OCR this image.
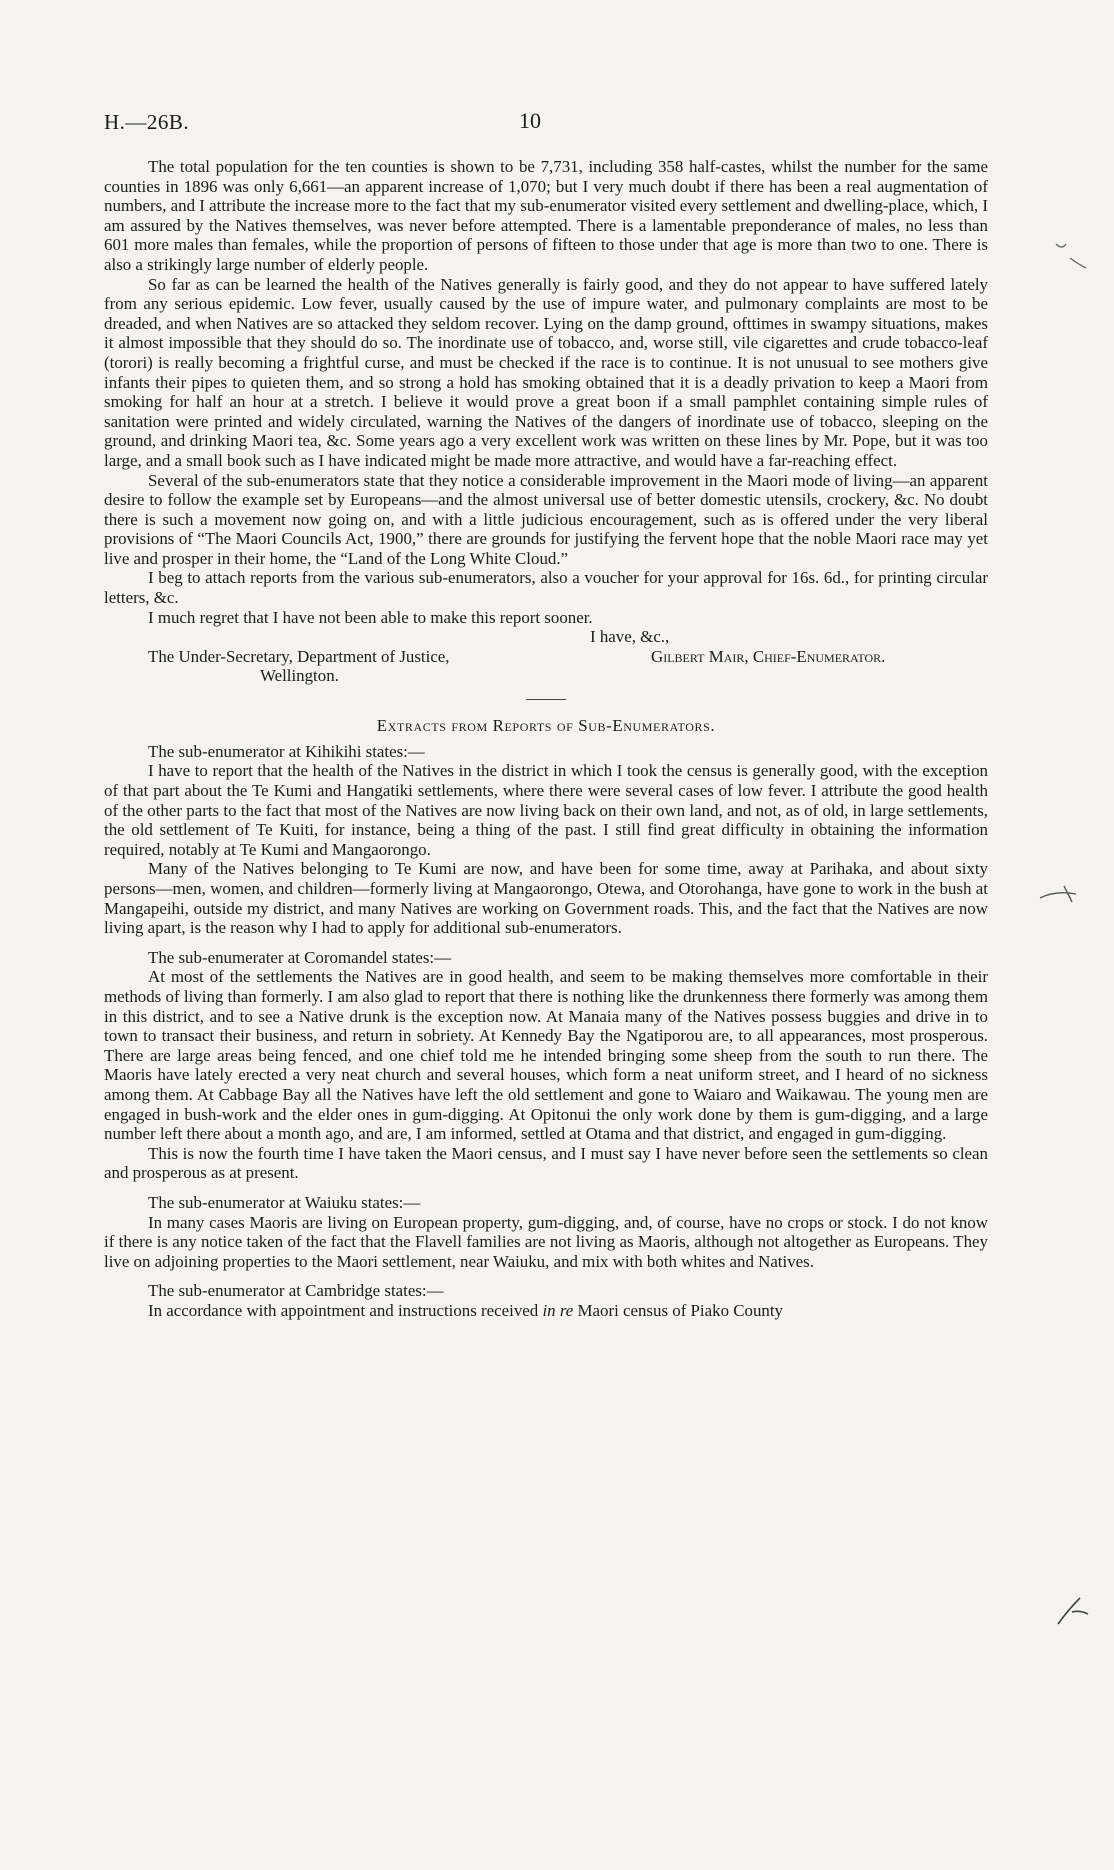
H.—26B.	10

The total population for the ten counties is shown to be 7,731, including 358 half-castes, whilst the number for the same counties in 1896 was only 6,661—an apparent increase of 1,070; but I very much doubt if there has been a real augmentation of numbers, and I attribute the increase more to the fact that my sub-enumerator visited every settlement and dwelling-place, which, I am assured by the Natives themselves, was never before attempted. There is a lamentable preponderance of males, no less than 601 more males than females, while the proportion of persons of fifteen to those under that age is more than two to one. There is also a strikingly large number of elderly people.

So far as can be learned the health of the Natives generally is fairly good, and they do not appear to have suffered lately from any serious epidemic. Low fever, usually caused by the use of impure water, and pulmonary complaints are most to be dreaded, and when Natives are so attacked they seldom recover. Lying on the damp ground, ofttimes in swampy situations, makes it almost impossible that they should do so. The inordinate use of tobacco, and, worse still, vile cigarettes and crude tobacco-leaf (torori) is really becoming a frightful curse, and must be checked if the race is to continue. It is not unusual to see mothers give infants their pipes to quieten them, and so strong a hold has smoking obtained that it is a deadly privation to keep a Maori from smoking for half an hour at a stretch. I believe it would prove a great boon if a small pamphlet containing simple rules of sanitation were printed and widely circulated, warning the Natives of the dangers of inordinate use of tobacco, sleeping on the ground, and drinking Maori tea, &c. Some years ago a very excellent work was written on these lines by Mr. Pope, but it was too large, and a small book such as I have indicated might be made more attractive, and would have a far-reaching effect.

Several of the sub-enumerators state that they notice a considerable improvement in the Maori mode of living—an apparent desire to follow the example set by Europeans—and the almost universal use of better domestic utensils, crockery, &c. No doubt there is such a movement now going on, and with a little judicious encouragement, such as is offered under the very liberal provisions of “The Maori Councils Act, 1900,” there are grounds for justifying the fervent hope that the noble Maori race may yet live and prosper in their home, the “Land of the Long White Cloud.”

I beg to attach reports from the various sub-enumerators, also a voucher for your approval for 16s. 6d., for printing circular letters, &c.

I much regret that I have not been able to make this report sooner.

I have, &c.,
The Under-Secretary, Department of Justice,	Gilbert Mair, Chief-Enumerator.
Wellington.
Extracts from Reports of Sub-Enumerators.

The sub-enumerator at Kihikihi states:—

I have to report that the health of the Natives in the district in which I took the census is generally good, with the exception of that part about the Te Kumi and Hangatiki settlements, where there were several cases of low fever. I attribute the good health of the other parts to the fact that most of the Natives are now living back on their own land, and not, as of old, in large settlements, the old settlement of Te Kuiti, for instance, being a thing of the past. I still find great difficulty in obtaining the information required, notably at Te Kumi and Mangaorongo.

Many of the Natives belonging to Te Kumi are now, and have been for some time, away at Parihaka, and about sixty persons—men, women, and children—formerly living at Mangaorongo, Otewa, and Otorohanga, have gone to work in the bush at Mangapeihi, outside my district, and many Natives are working on Government roads. This, and the fact that the Natives are now living apart, is the reason why I had to apply for additional sub-enumerators.

The sub-enumerater at Coromandel states:—

At most of the settlements the Natives are in good health, and seem to be making themselves more comfortable in their methods of living than formerly. I am also glad to report that there is nothing like the drunkenness there formerly was among them in this district, and to see a Native drunk is the exception now. At Manaia many of the Natives possess buggies and drive in to town to transact their business, and return in sobriety. At Kennedy Bay the Ngatiporou are, to all appearances, most prosperous. There are large areas being fenced, and one chief told me he intended bringing some sheep from the south to run there. The Maoris have lately erected a very neat church and several houses, which form a neat uniform street, and I heard of no sickness among them. At Cabbage Bay all the Natives have left the old settlement and gone to Waiaro and Waikawau. The young men are engaged in bush-work and the elder ones in gum-digging. At Opitonui the only work done by them is gum-digging, and a large number left there about a month ago, and are, I am informed, settled at Otama and that district, and engaged in gum-digging.

This is now the fourth time I have taken the Maori census, and I must say I have never before seen the settlements so clean and prosperous as at present.

The sub-enumerator at Waiuku states:—

In many cases Maoris are living on European property, gum-digging, and, of course, have no crops or stock. I do not know if there is any notice taken of the fact that the Flavell families are not living as Maoris, although not altogether as Europeans. They live on adjoining properties to the Maori settlement, near Waiuku, and mix with both whites and Natives.

The sub-enumerator at Cambridge states:—

In accordance with appointment and instructions received in re Maori census of Piako County
